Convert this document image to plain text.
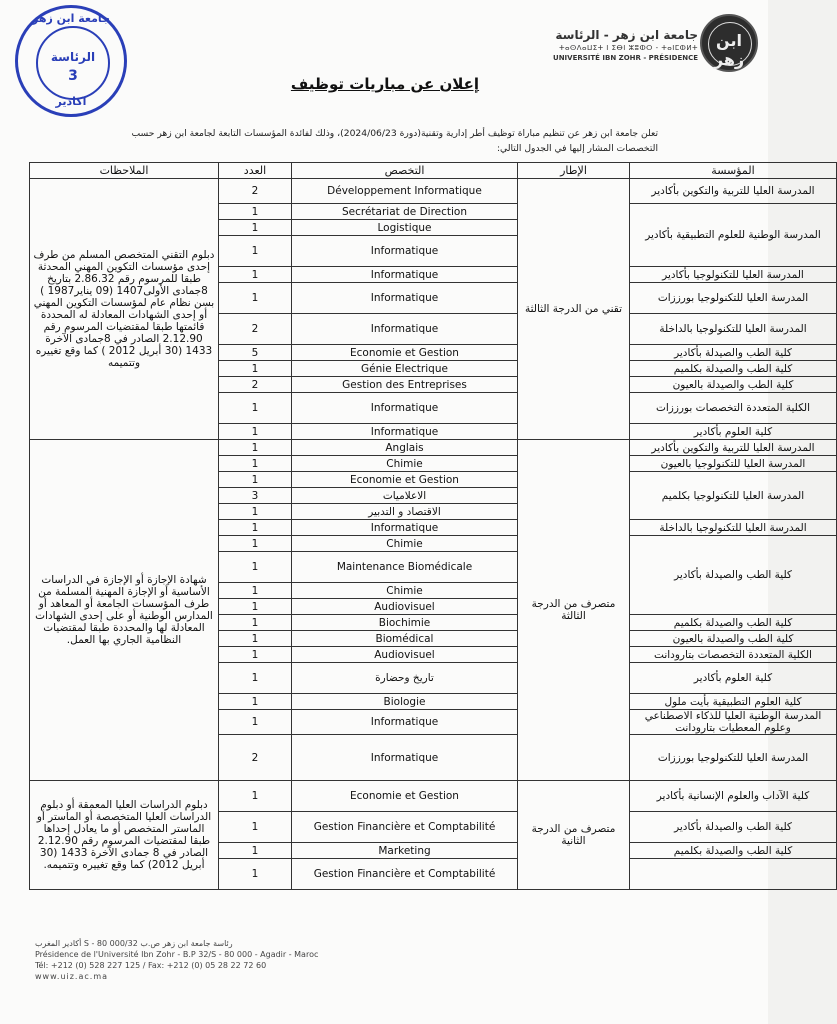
جامعة ابن زهر
الرئاسة
3
اكادير
جامعة ابن زهر - الرئاسة
ⵜⴰⵙⴷⴰⵡⵉⵜ ⵏ ⵉⴱⵏ ⵣⵓⵀⵔ - ⵜⴰⵏⵎⵀⵍⵜ
UNIVERSITÉ IBN ZOHR - PRÉSIDENCE
ابن زهر
إعلان عن مباريات توظيف
تعلن جامعة ابن زهر عن تنظيم مباراة توظيف أطر إدارية وتقنية(دورة 2024/06/23)، وذلك لفائدة المؤسسات التابعة لجامعة ابن زهر حسب التخصصات المشار إليها في الجدول التالي:
المؤسسة	الإطار	التخصص	العدد	الملاحظات
المدرسة العليا للتربية والتكوين بأكادير	تقني من الدرجة الثالثة	Développement Informatique	2	دبلوم التقني المتخصص المسلم من طرف إحدى مؤسسات التكوين المهني المحدثة طبقا للمرسوم رقم 2.86.32 بتاريخ 8جمادى الأولى1407 (09 يناير1987 ) بسن نظام عام لمؤسسات التكوين المهني أو إحدى الشهادات المعادلة له المحددة قائمتها طبقا لمقتضيات المرسوم رقم 2.12.90 الصادر في 8جمادى الآخرة 1433 (30 أبريل 2012 ) كما وقع تغييره وتتميمه
المدرسة الوطنية للعلوم التطبيقية بأكادير		Secrétariat de Direction	1	
		Logistique	1	
		Informatique	1	
المدرسة العليا للتكنولوجيا بأكادير		Informatique	1	
المدرسة العليا للتكنولوجيا بورززات		Informatique	1	
المدرسة العليا للتكنولوجيا بالداخلة		Informatique	2	
كلية الطب والصيدلة بأكادير		Economie et Gestion	5	
كلية الطب والصيدلة بكلميم		Génie Electrique	1	
كلية الطب والصيدلة بالعيون		Gestion des Entreprises	2	
الكلية المتعددة التخصصات بورززات		Informatique	1	
كلية العلوم بأكادير		Informatique	1	
المدرسة العليا للتربية والتكوين بأكادير	متصرف من الدرجة الثالثة	Anglais	1	شهادة الإجازة أو الإجازة في الدراسات الأساسية أو الإجازة المهنية المسلمة من طرف المؤسسات الجامعة أو المعاهد أو المدارس الوطنية أو على إحدى الشهادات المعادلة لها والمحددة طبقا لمقتضيات النظامية الجاري بها العمل.
المدرسة العليا للتكنولوجيا بالعيون		Chimie	1	
المدرسة العليا للتكنولوجيا بكلميم		Economie et Gestion	1	
		الاعلاميات	3	
		الاقتصاد و التدبير	1	
المدرسة العليا للتكنولوجيا بالداخلة		Informatique	1	
كلية الطب والصيدلة بأكادير		Chimie	1	
		Maintenance Biomédicale	1	
		Chimie	1	
		Audiovisuel	1	
كلية الطب والصيدلة بكلميم		Biochimie	1	
كلية الطب والصيدلة بالعيون		Biomédical	1	
الكلية المتعددة التخصصات بتارودانت		Audiovisuel	1	
كلية العلوم بأكادير		تاريخ وحضارة	1	
كلية العلوم التطبيقية بأيت ملول		Biologie	1	
المدرسة الوطنية العليا للذكاء الاصطناعي وعلوم المعطيات بتارودانت		Informatique	1	
المدرسة العليا للتكنولوجيا بورززات		Informatique	2	
كلية الآداب والعلوم الإنسانية بأكادير	متصرف من الدرجة الثانية	Economie et Gestion	1	دبلوم الدراسات العليا المعمقة أو دبلوم الدراسات العليا المتخصصة أو الماستر أو الماستر المتخصص أو ما يعادل إحداها طبقا لمقتضيات المرسوم رقم 2.12.90 الصادر في 8 جمادى الآخرة 1433 (30 أبريل 2012) كما وقع تغييره وتتميمه.
كلية الطب والصيدلة بأكادير		Gestion Financière et Comptabilité	1	
كلية الطب والصيدلة بكلميم		Marketing	1	
		Gestion Financière et Comptabilité	1	
رئاسة جامعة ابن زهر ص.ب 32/S - 80 000 أكادير المغرب
Présidence de l'Université Ibn Zohr - B.P 32/S - 80 000 - Agadir - Maroc
Tél: +212 (0) 528 227 125 / Fax: +212 (0) 05 28 22 72 60
www.uiz.ac.ma
